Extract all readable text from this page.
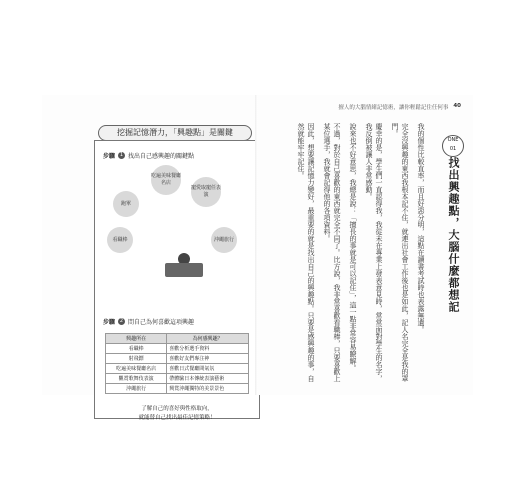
挖掘記憶潛力，「興趣點」是關鍵
步驟 1 找出自己感興趣的關鍵點
吃遍美味餐廳名店
寵愛取寵任表演
跑單
看職棒	沖繩旅行
步驟 2 問自己為何喜歡這項興趣
興趣所在	為何感興趣？
看職棒	喜歡分析選手資料
射飛鏢	喜歡好友們專注神
吃遍美味餐廳名店	喜歡日式餐廳間氣氛
觀賞歌舞伎表演	帶體驗日本傳統表演藝術
沖繩旅行	興賞沖繩獨特的美景景色
了解自己的喜好與性格取向，
就能替自己找出最佳記憶策略！
擅人的大腦情緒記憶術，讓你輕鬆記住任何事 40
ONE
01
找出興趣點，大腦什麼都想記

我的個性比較直率，而且好惡分明，這點在讀書考試時也表露無遺。

完全沒興趣的東西我根本記不住，就連出社會工作後也是如此，記人名完全是我的罩門。

慶幸的是，學生們一直認得我，我從未在專業上發表意見時，常常面對學生的名字，我反倒被讓人非常感動。

說來也不好意思，我總是說：「擅長的事就是可以記住」，這一點非常容易瞭解。

不過，對於自己喜歡的東西就完全不同了。比方說，我非常喜歡看職棒，只要喜歡上某位選手，我就會記得他的各項資料。

因此，想要讓記憶力變好，最重要的就是找出自己的興趣點。只要是感興趣的事，自然就能牢牢記住。
